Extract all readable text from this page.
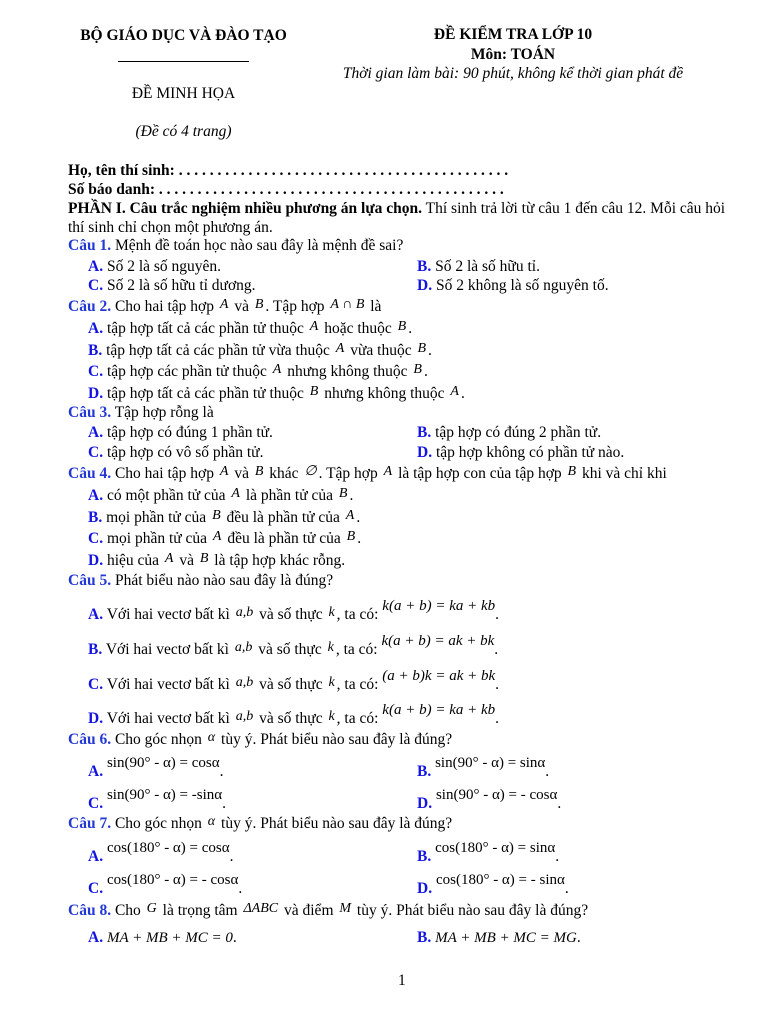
BỘ GIÁO DỤC VÀ ĐÀO TẠO
ĐỀ MINH HỌA
(Đề có 4 trang)
ĐỀ KIỂM TRA LỚP 10
Môn: TOÁN
Thời gian làm bài: 90 phút, không kể thời gian phát đề
Họ, tên thí sinh: . . . . . . . . . . . . . . . . . . . . . . . . . . . . . . . . . . . . . . . . . . .
Số báo danh: . . . . . . . . . . . . . . . . . . . . . . . . . . . . . . . . . . . . . . . . . . . . .
PHẦN I. Câu trắc nghiệm nhiều phương án lựa chọn. Thí sinh trả lời từ câu 1 đến câu 12. Mỗi câu hỏi
thí sinh chỉ chọn một phương án.
Câu 1. Mệnh đề toán học nào sau đây là mệnh đề sai?
A. Số 2 là số nguyên.	B. Số 2 là số hữu tỉ.
C. Số 2 là số hữu tỉ dương.	D. Số 2 không là số nguyên tố.
Câu 2. Cho hai tập hợp A và B . Tập hợp A ∩ B là
A. tập hợp tất cả các phần tử thuộc A hoặc thuộc B .
B. tập hợp tất cả các phần tử vừa thuộc A vừa thuộc B .
C. tập hợp các phần tử thuộc A nhưng không thuộc B .
D. tập hợp tất cả các phần tử thuộc B nhưng không thuộc A .
Câu 3. Tập hợp rỗng là
A. tập hợp có đúng 1 phần tử.	B. tập hợp có đúng 2 phần tử.
C. tập hợp có vô số phần tử.	D. tập hợp không có phần tử nào.
Câu 4. Cho hai tập hợp A và B khác ∅ . Tập hợp A là tập hợp con của tập hợp B khi và chỉ khi
A. có một phần tử của A là phần tử của B .
B. mọi phần tử của B đều là phần tử của A .
C. mọi phần tử của A đều là phần tử của B .
D. hiệu của A và B là tập hợp khác rỗng.
Câu 5. Phát biểu nào nào sau đây là đúng?
A. Với hai vectơ bất kì a,b và số thực k , ta có: k(a + b) = ka + kb.
B. Với hai vectơ bất kì a,b và số thực k , ta có: k(a + b) = ak + bk.
C. Với hai vectơ bất kì a,b và số thực k , ta có: (a + b)k = ak + bk.
D. Với hai vectơ bất kì a,b và số thực k , ta có: k(a + b) = ka + kb.
Câu 6. Cho góc nhọn α tùy ý. Phát biểu nào sau đây là đúng?
A. sin(90° - α) = cosα.	B. sin(90° - α) = sinα.
C. sin(90° - α) = -sinα.	D. sin(90° - α) = - cosα.
Câu 7. Cho góc nhọn α tùy ý. Phát biểu nào sau đây là đúng?
A. cos(180° - α) = cosα.	B. cos(180° - α) = sinα.
C. cos(180° - α) = - cosα.	D. cos(180° - α) = - sinα.
Câu 8. Cho G là trọng tâm ΔABC và điểm M tùy ý. Phát biểu nào sau đây là đúng?
A. MA + MB + MC = 0.	B. MA + MB + MC = MG.
1
